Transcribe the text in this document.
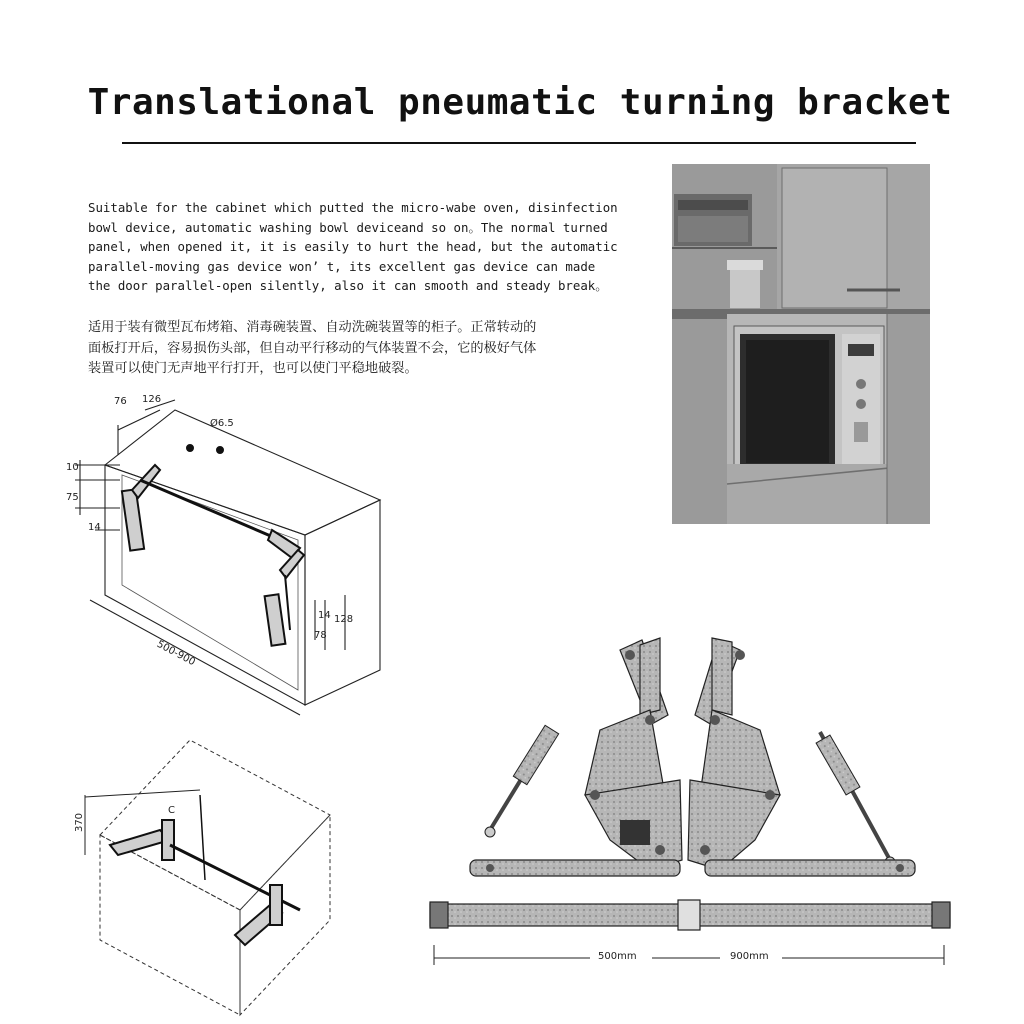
Translational pneumatic turning bracket
Suitable for the cabinet which putted the micro-wabe oven, disinfection
bowl device, automatic washing bowl deviceand so on。The normal turned
panel, when opened it, it is easily to hurt the head, but the automatic
parallel-moving gas device won’ t, its excellent gas device can made
the door parallel-open silently, also it can smooth and steady break。
适用于装有微型瓦布烤箱、消毒碗装置、自动洗碗装置等的柜子。正常转动的
面板打开后，容易损伤头部，但自动平行移动的气体装置不会，它的极好气体
装置可以使门无声地平行打开，也可以使门平稳地破裂。
76 126
Ø6.5
10
75
14
14
78
128
500-900
370
C
500mm	900mm
